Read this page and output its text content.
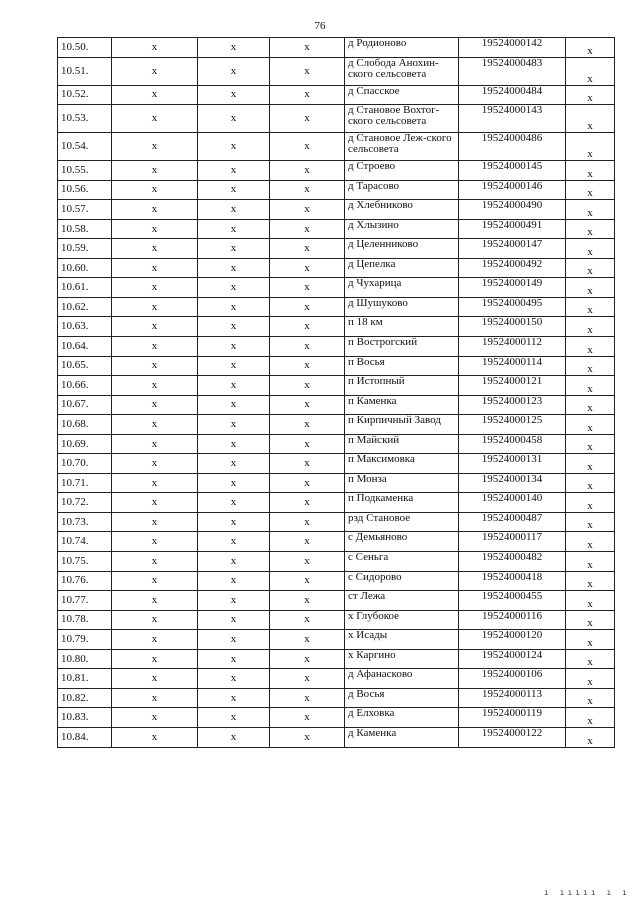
76
10.50.	x	x	x	д Родионово	19524000142	x
10.51.	x	x	x	д Слобода Анохин-ского сельсовета	19524000483	x
10.52.	x	x	x	д Спасское	19524000484	x
10.53.	x	x	x	д Становое Вохтог-ского сельсовета	19524000143	x
10.54.	x	x	x	д Становое Леж-ского сельсовета	19524000486	x
10.55.	x	x	x	д Строево	19524000145	x
10.56.	x	x	x	д Тарасово	19524000146	x
10.57.	x	x	x	д Хлебниково	19524000490	x
10.58.	x	x	x	д Хлызино	19524000491	x
10.59.	x	x	x	д Целенниково	19524000147	x
10.60.	x	x	x	д Цепелка	19524000492	x
10.61.	x	x	x	д Чухарица	19524000149	x
10.62.	x	x	x	д Шушуково	19524000495	x
10.63.	x	x	x	п 18 км	19524000150	x
10.64.	x	x	x	п Вострогский	19524000112	x
10.65.	x	x	x	п Восья	19524000114	x
10.66.	x	x	x	п Истопный	19524000121	x
10.67.	x	x	x	п Каменка	19524000123	x
10.68.	x	x	x	п Кирпичный Завод	19524000125	x
10.69.	x	x	x	п Майский	19524000458	x
10.70.	x	x	x	п Максимовка	19524000131	x
10.71.	x	x	x	п Монза	19524000134	x
10.72.	x	x	x	п Подкаменка	19524000140	x
10.73.	x	x	x	рзд Становое	19524000487	x
10.74.	x	x	x	с Демьяново	19524000117	x
10.75.	x	x	x	с Сеньга	19524000482	x
10.76.	x	x	x	с Сидорово	19524000418	x
10.77.	x	x	x	ст Лежа	19524000455	x
10.78.	x	x	x	х Глубокое	19524000116	x
10.79.	x	x	x	х Исады	19524000120	x
10.80.	x	x	x	х Каргино	19524000124	x
10.81.	x	x	x	д Афанасково	19524000106	x
10.82.	x	x	x	д Восья	19524000113	x
10.83.	x	x	x	д Елховка	19524000119	x
10.84.	x	x	x	д Каменка	19524000122	x
ı ııııı ı ı
